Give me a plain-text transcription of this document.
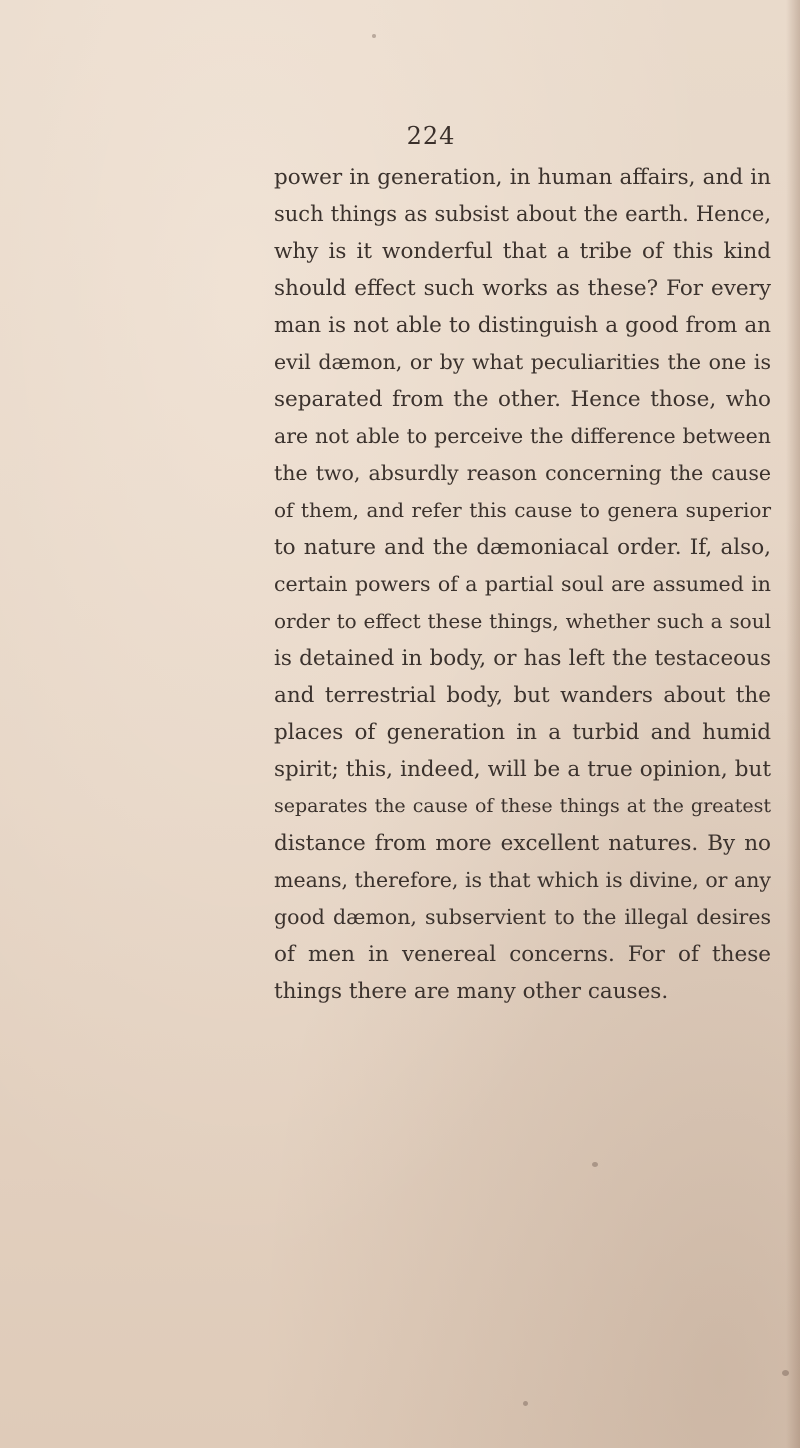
224
power in generation, in human affairs, and in
such things as subsist about the earth. Hence,
why is it wonderful that a tribe of this kind
should effect such works as these? For every
man is not able to distinguish a good from an
evil dæmon, or by what peculiarities the one is
separated from the other. Hence those, who
are not able to perceive the difference between
the two, absurdly reason concerning the cause
of them, and refer this cause to genera superior
to nature and the dæmoniacal order. If, also,
certain powers of a partial soul are assumed in
order to effect these things, whether such a soul
is detained in body, or has left the testaceous
and terrestrial body, but wanders about the
places of generation in a turbid and humid
spirit; this, indeed, will be a true opinion, but
separates the cause of these things at the greatest
distance from more excellent natures. By no
means, therefore, is that which is divine, or any
good dæmon, subservient to the illegal desires
of men in venereal concerns. For of these
things there are many other causes.
